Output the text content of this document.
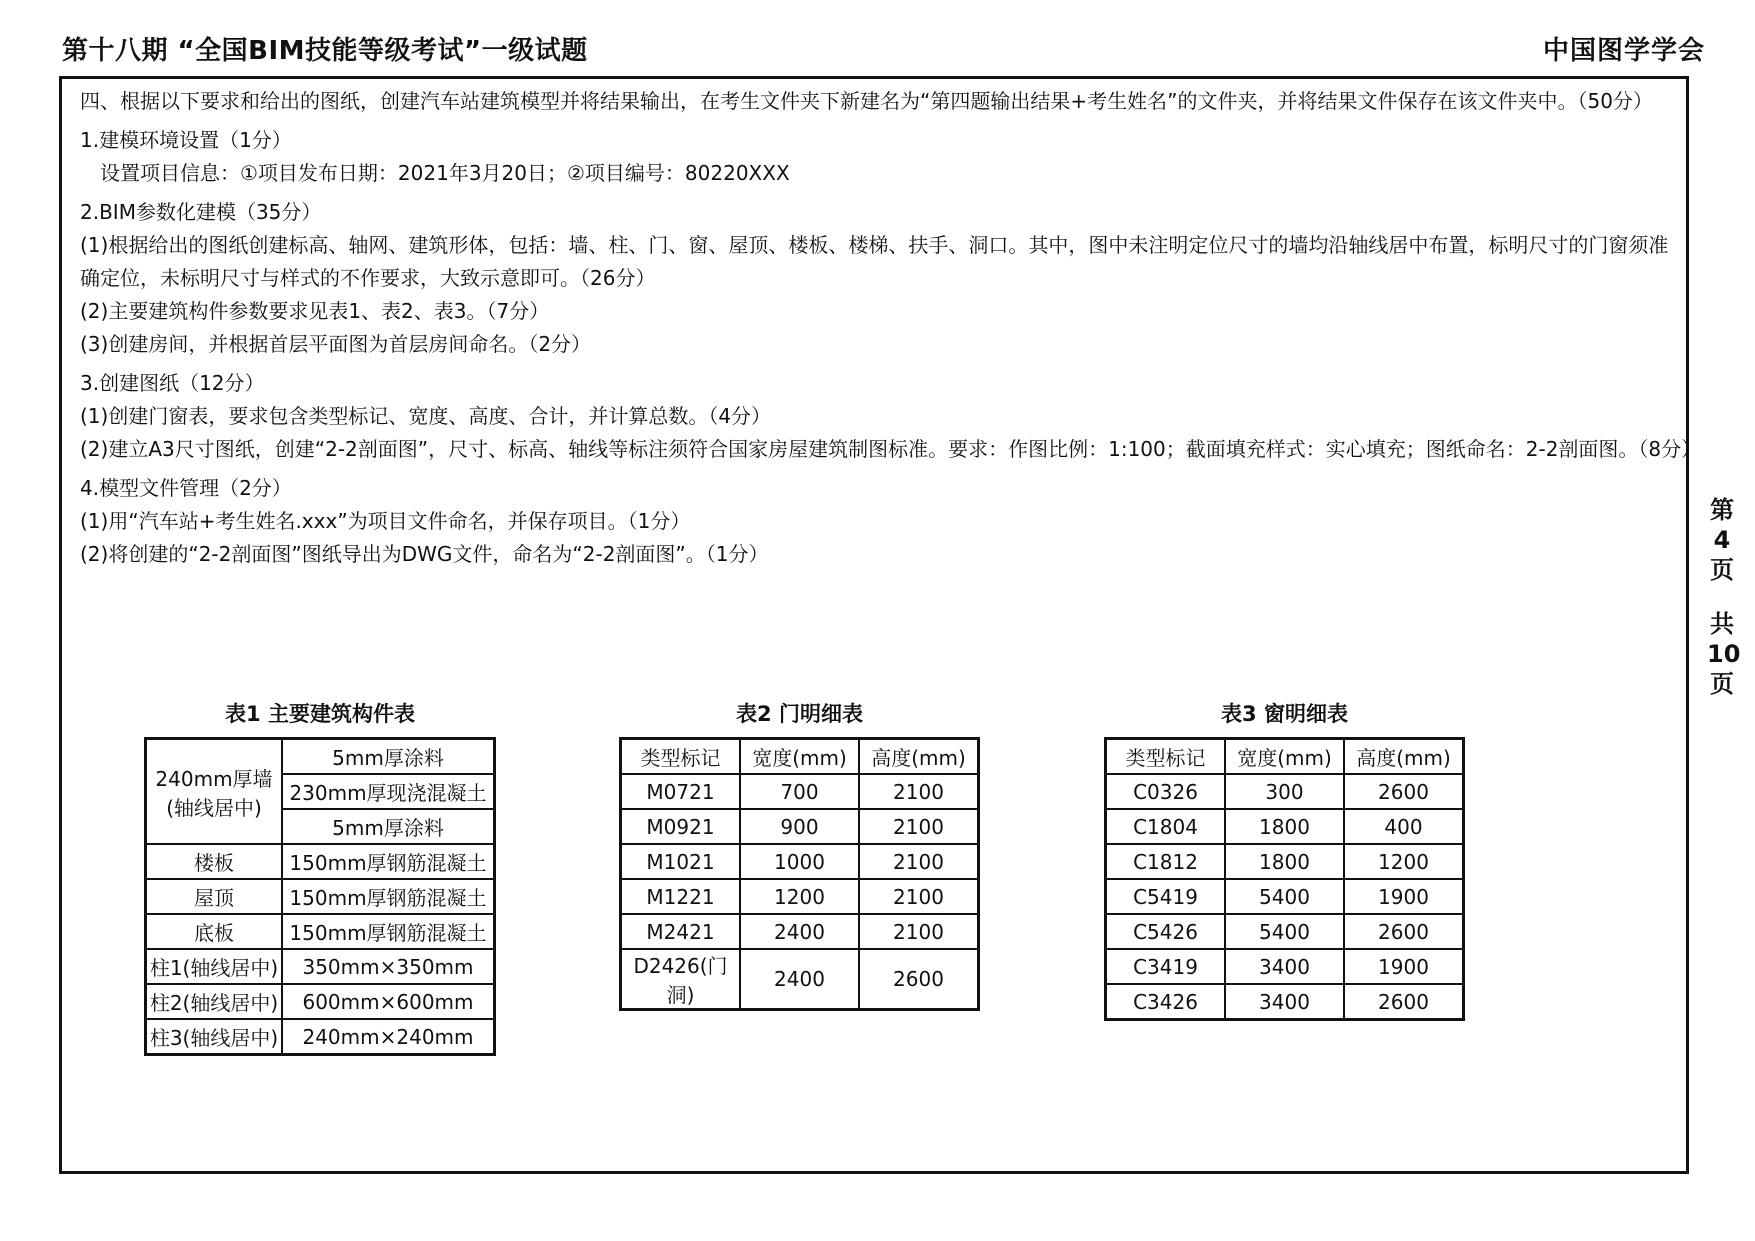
第十八期 “全国BIM技能等级考试”一级试题	中国图学学会
四、根据以下要求和给出的图纸，创建汽车站建筑模型并将结果输出，在考生文件夹下新建名为“第四题输出结果+考生姓名”的文件夹，并将结果文件保存在该文件夹中。（50分）
1.建模环境设置（1分）
设置项目信息：①项目发布日期：2021年3月20日；②项目编号：80220XXX
2.BIM参数化建模（35分）
(1)根据给出的图纸创建标高、轴网、建筑形体，包括：墙、柱、门、窗、屋顶、楼板、楼梯、扶手、洞口。其中，图中未注明定位尺寸的墙均沿轴线居中布置，标明尺寸的门窗须准确定位，未标明尺寸与样式的不作要求，大致示意即可。（26分）
(2)主要建筑构件参数要求见表1、表2、表3。（7分）
(3)创建房间，并根据首层平面图为首层房间命名。（2分）
3.创建图纸（12分）
(1)创建门窗表，要求包含类型标记、宽度、高度、合计，并计算总数。（4分）
(2)建立A3尺寸图纸，创建“2-2剖面图”，尺寸、标高、轴线等标注须符合国家房屋建筑制图标准。要求：作图比例：1:100；截面填充样式：实心填充；图纸命名：2-2剖面图。（8分）
4.模型文件管理（2分）
(1)用“汽车站+考生姓名.xxx”为项目文件命名，并保存项目。（1分）
(2)将创建的“2-2剖面图”图纸导出为DWG文件，命名为“2-2剖面图”。（1分）
表1 主要建筑构件表
240mm厚墙
(轴线居中)	5mm厚涂料
	230mm厚现浇混凝土
	5mm厚涂料
楼板	150mm厚钢筋混凝土
屋顶	150mm厚钢筋混凝土
底板	150mm厚钢筋混凝土
柱1(轴线居中)	350mm×350mm
柱2(轴线居中)	600mm×600mm
柱3(轴线居中)	240mm×240mm
表2 门明细表
类型标记	宽度(mm)	高度(mm)
M0721	700	2100
M0921	900	2100
M1021	1000	2100
M1221	1200	2100
M2421	2400	2100
D2426(门洞)	2400	2600
表3 窗明细表
类型标记	宽度(mm)	高度(mm)
C0326	300	2600
C1804	1800	400
C1812	1800	1200
C5419	5400	1900
C5426	5400	2600
C3419	3400	1900
C3426	3400	2600
第
4
页
共
10
页
